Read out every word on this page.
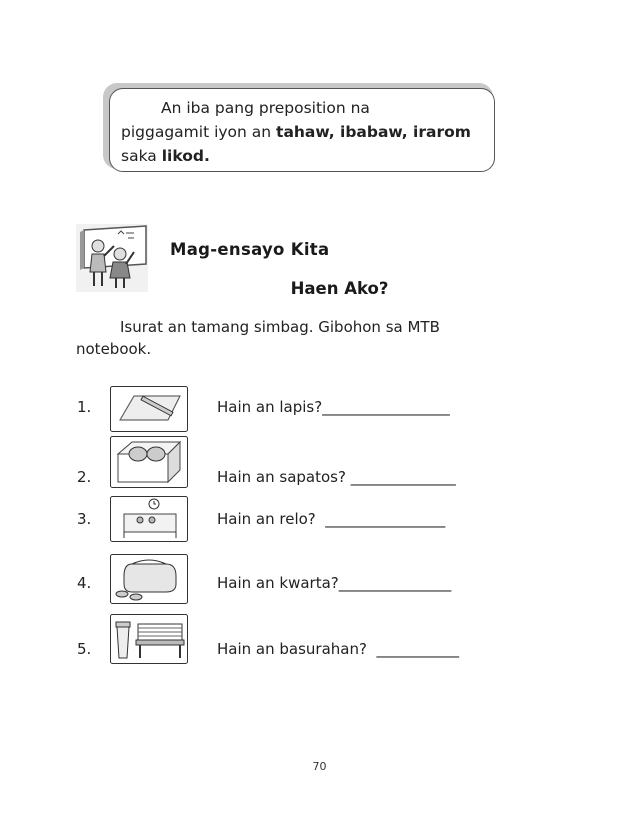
An iba pang preposition na
piggagamit iyon an tahaw, ibabaw, irarom
saka likod.
Mag-ensayo Kita
Haen Ako?
Isurat an tamang simbag. Gibohon sa MTB
notebook.
1.	Hain an lapis?_________________
2.	Hain an sapatos? ______________
3.	Hain an relo?  ________________
4.	Hain an kwarta?_______________
5.	Hain an basurahan?  ___________
70
